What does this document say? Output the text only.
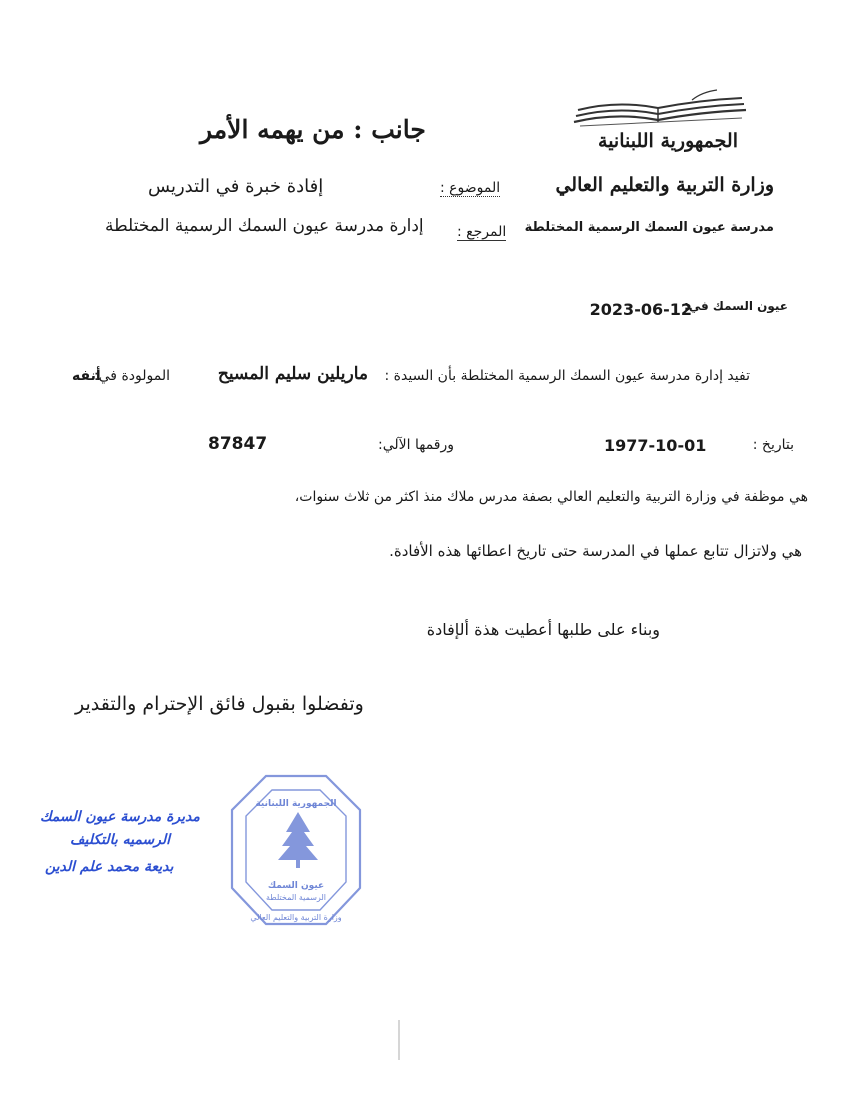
الجمهورية اللبنانية
وزارة التربية والتعليم العالي
مدرسة عيون السمك الرسمية المختلطة
جانب : من يهمه الأمر
الموضوع :
إفادة خبرة في التدريس
المرجع :
إدارة مدرسة عيون السمك الرسمية المختلطة
عيون السمك في:
2023-06-12
تفيد إدارة مدرسة عيون السمك الرسمية المختلطة بأن السيدة :
ماريلين سليم المسيح
المولودة في:
أنفه
بتاريخ :
1977-10-01
ورقمها الآلي:
87847
هي موظفة في وزارة التربية والتعليم العالي بصفة مدرس ملاك منذ اكثر من ثلاث سنوات،
هي ولاتزال تتابع عملها في المدرسة حتى تاريخ اعطائها هذه الأفادة.
وبناء على طلبها أعطيت هذة ألإفادة
وتفضلوا بقبول فائق الإحترام والتقدير
عيون السمك
الرسمية المختلطة
الجمهورية اللبنانية
وزارة التربية والتعليم العالي
مديرة مدرسة عيون السمك
الرسميه بالتكليف
بديعة محمد علم الدين
